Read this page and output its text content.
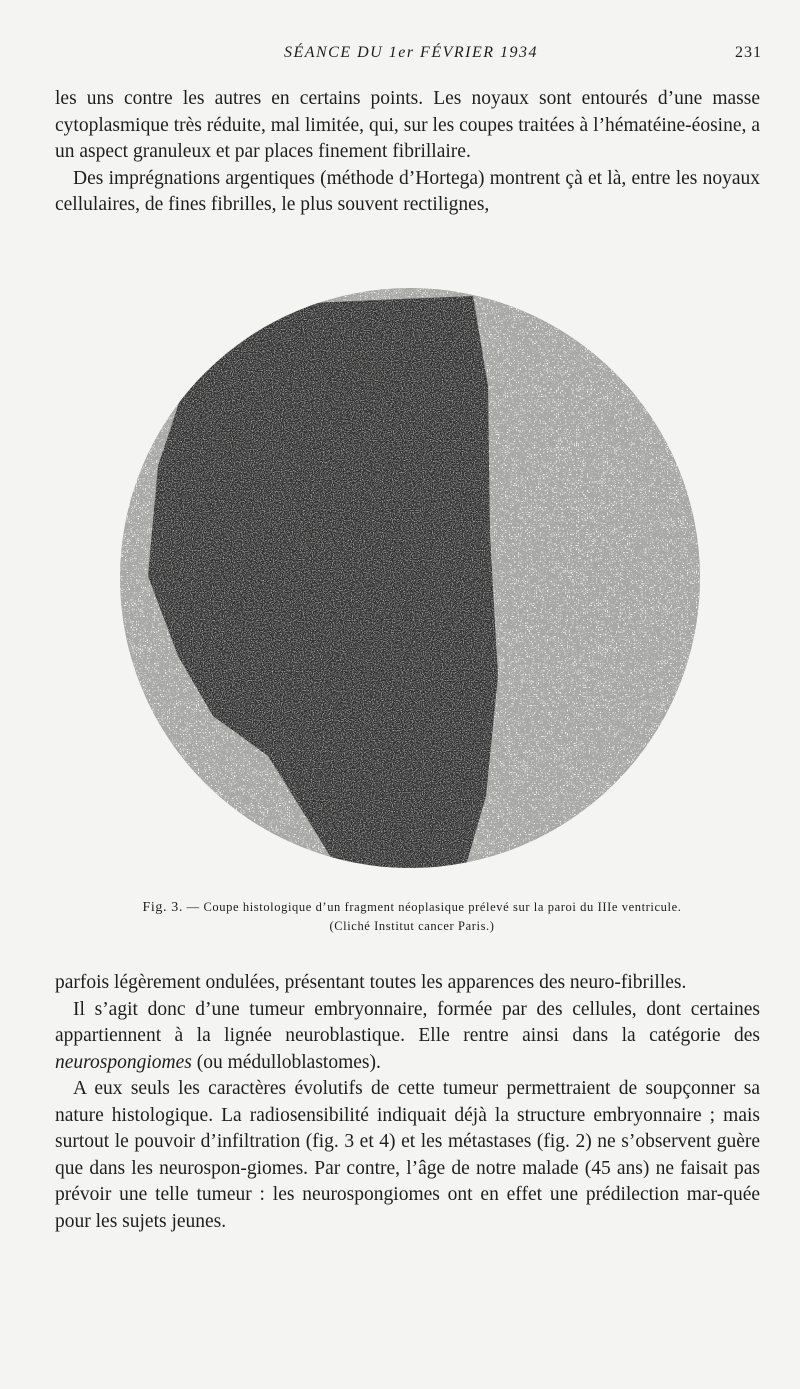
SÉANCE DU 1er FÉVRIER 1934	231

les uns contre les autres en certains points. Les noyaux sont entourés d’une masse cytoplasmique très réduite, mal limitée, qui, sur les coupes traitées à l’hématéine-éosine, a un aspect granuleux et par places finement fibrillaire.

Des imprégnations argentiques (méthode d’Hortega) montrent çà et là, entre les noyaux cellulaires, de fines fibrilles, le plus souvent rectilignes,

Fig. 3. — Coupe histologique d’un fragment néoplasique prélevé sur la paroi du IIIe ventricule.
(Cliché Institut cancer Paris.)

parfois légèrement ondulées, présentant toutes les apparences des neuro-fibrilles.

Il s’agit donc d’une tumeur embryonnaire, formée par des cellules, dont certaines appartiennent à la lignée neuroblastique. Elle rentre ainsi dans la catégorie des neurospongiomes (ou médulloblastomes).

A eux seuls les caractères évolutifs de cette tumeur permettraient de soupçonner sa nature histologique. La radiosensibilité indiquait déjà la structure embryonnaire ; mais surtout le pouvoir d’infiltration (fig. 3 et 4) et les métastases (fig. 2) ne s’observent guère que dans les neurospon-giomes. Par contre, l’âge de notre malade (45 ans) ne faisait pas prévoir une telle tumeur : les neurospongiomes ont en effet une prédilection mar-quée pour les sujets jeunes.
